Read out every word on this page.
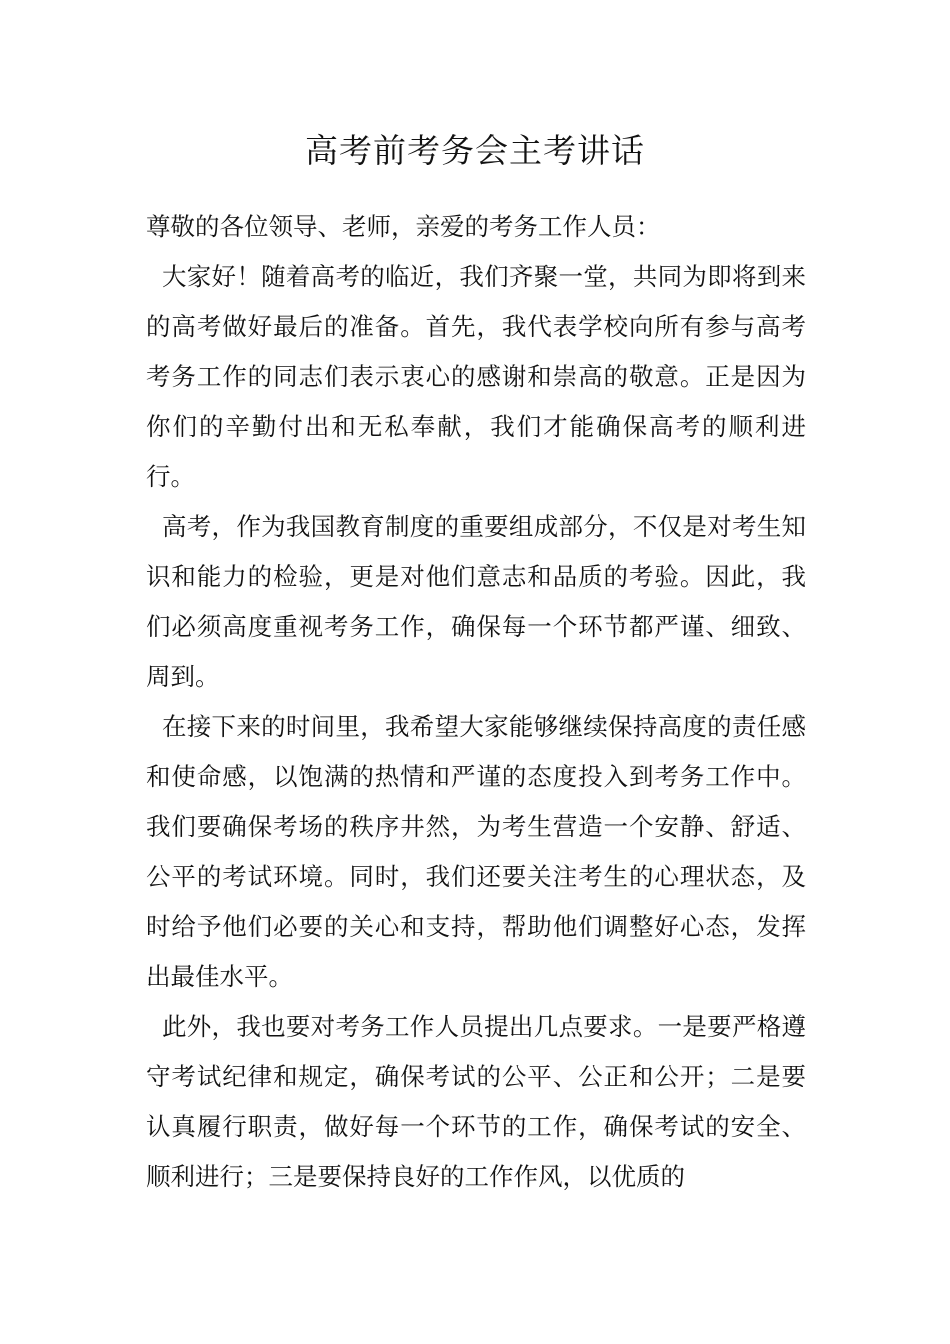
高考前考务会主考讲话

尊敬的各位领导、老师，亲爱的考务工作人员：

大家好！随着高考的临近，我们齐聚一堂，共同为即将到来的高考做好最后的准备。首先，我代表学校向所有参与高考考务工作的同志们表示衷心的感谢和崇高的敬意。正是因为你们的辛勤付出和无私奉献，我们才能确保高考的顺利进行。

高考，作为我国教育制度的重要组成部分，不仅是对考生知识和能力的检验，更是对他们意志和品质的考验。因此，我们必须高度重视考务工作，确保每一个环节都严谨、细致、周到。

在接下来的时间里，我希望大家能够继续保持高度的责任感和使命感，以饱满的热情和严谨的态度投入到考务工作中。我们要确保考场的秩序井然，为考生营造一个安静、舒适、公平的考试环境。同时，我们还要关注考生的心理状态，及时给予他们必要的关心和支持，帮助他们调整好心态，发挥出最佳水平。

此外，我也要对考务工作人员提出几点要求。一是要严格遵守考试纪律和规定，确保考试的公平、公正和公开；二是要认真履行职责，做好每一个环节的工作，确保考试的安全、顺利进行；三是要保持良好的工作作风，以优质的
